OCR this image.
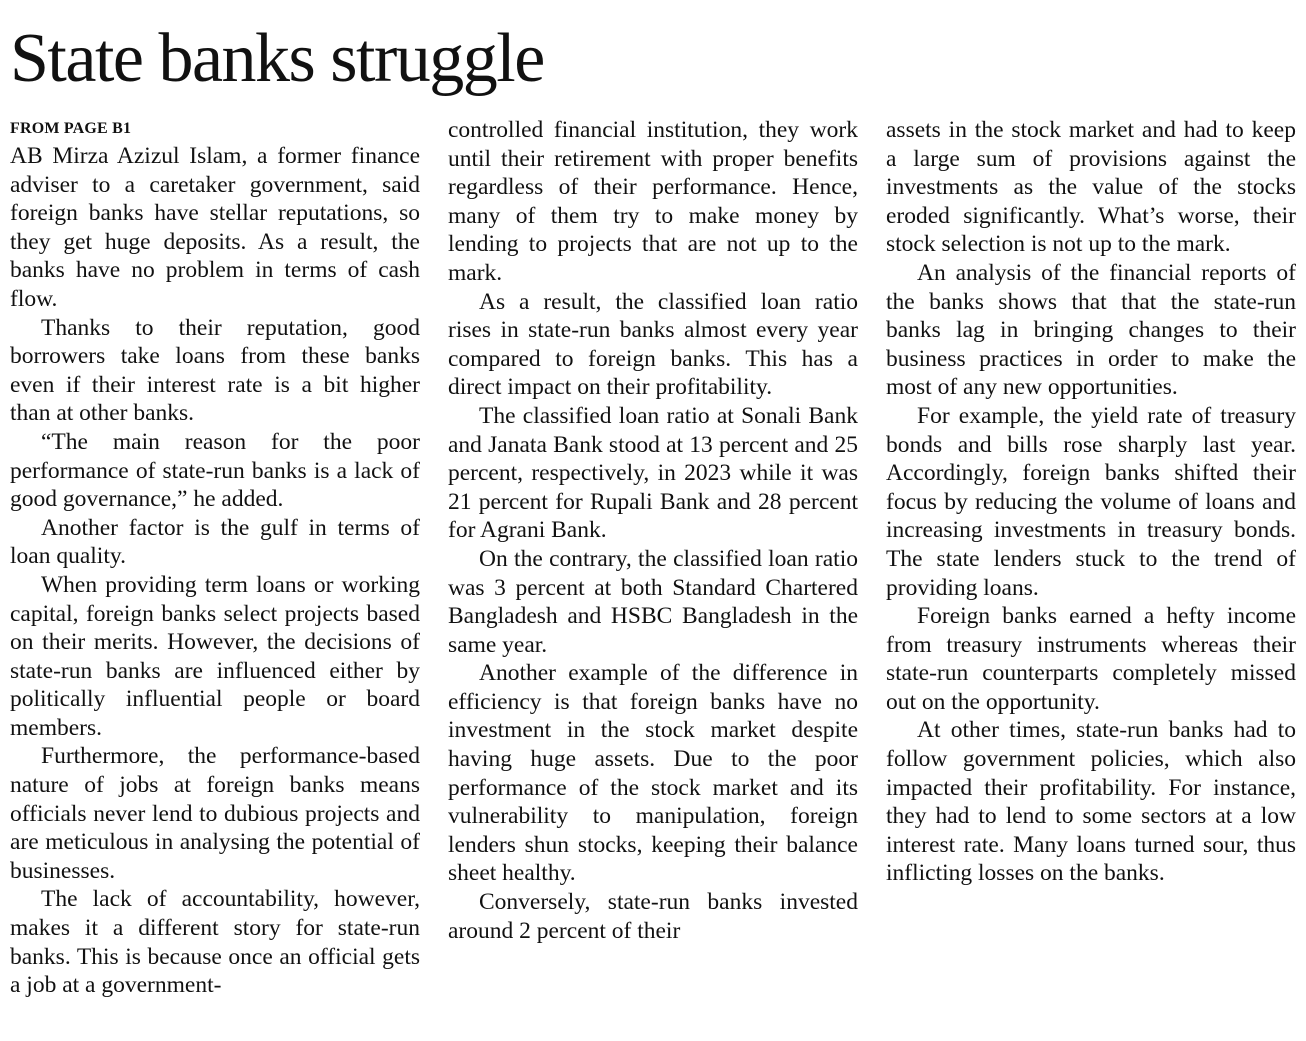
State banks struggle
FROM PAGE B1

AB Mirza Azizul Islam, a former finance adviser to a caretaker government, said foreign banks have stellar reputations, so they get huge deposits. As a result, the banks have no problem in terms of cash flow.

Thanks to their reputation, good borrowers take loans from these banks even if their interest rate is a bit higher than at other banks.

“The main reason for the poor performance of state-run banks is a lack of good governance,” he added.

Another factor is the gulf in terms of loan quality.

When providing term loans or working capital, foreign banks select projects based on their merits. However, the decisions of state-run banks are influenced either by politically influential people or board members.

Furthermore, the performance-based nature of jobs at foreign banks means officials never lend to dubious projects and are meticulous in analysing the potential of businesses.

The lack of accountability, however, makes it a different story for state-run banks. This is because once an official gets a job at a government-

controlled financial institution, they work until their retirement with proper benefits regardless of their performance. Hence, many of them try to make money by lending to projects that are not up to the mark.

As a result, the classified loan ratio rises in state-run banks almost every year compared to foreign banks. This has a direct impact on their profitability.

The classified loan ratio at Sonali Bank and Janata Bank stood at 13 percent and 25 percent, respectively, in 2023 while it was 21 percent for Rupali Bank and 28 percent for Agrani Bank.

On the contrary, the classified loan ratio was 3 percent at both Standard Chartered Bangladesh and HSBC Bangladesh in the same year.

Another example of the difference in efficiency is that foreign banks have no investment in the stock market despite having huge assets. Due to the poor performance of the stock market and its vulnerability to manipulation, foreign lenders shun stocks, keeping their balance sheet healthy.

Conversely, state-run banks invested around 2 percent of their

assets in the stock market and had to keep a large sum of provisions against the investments as the value of the stocks eroded significantly. What’s worse, their stock selection is not up to the mark.

An analysis of the financial reports of the banks shows that that the state-run banks lag in bringing changes to their business practices in order to make the most of any new opportunities.

For example, the yield rate of treasury bonds and bills rose sharply last year. Accordingly, foreign banks shifted their focus by reducing the volume of loans and increasing investments in treasury bonds. The state lenders stuck to the trend of providing loans.

Foreign banks earned a hefty income from treasury instruments whereas their state-run counterparts completely missed out on the opportunity.

At other times, state-run banks had to follow government policies, which also impacted their profitability. For instance, they had to lend to some sectors at a low interest rate. Many loans turned sour, thus inflicting losses on the banks.
